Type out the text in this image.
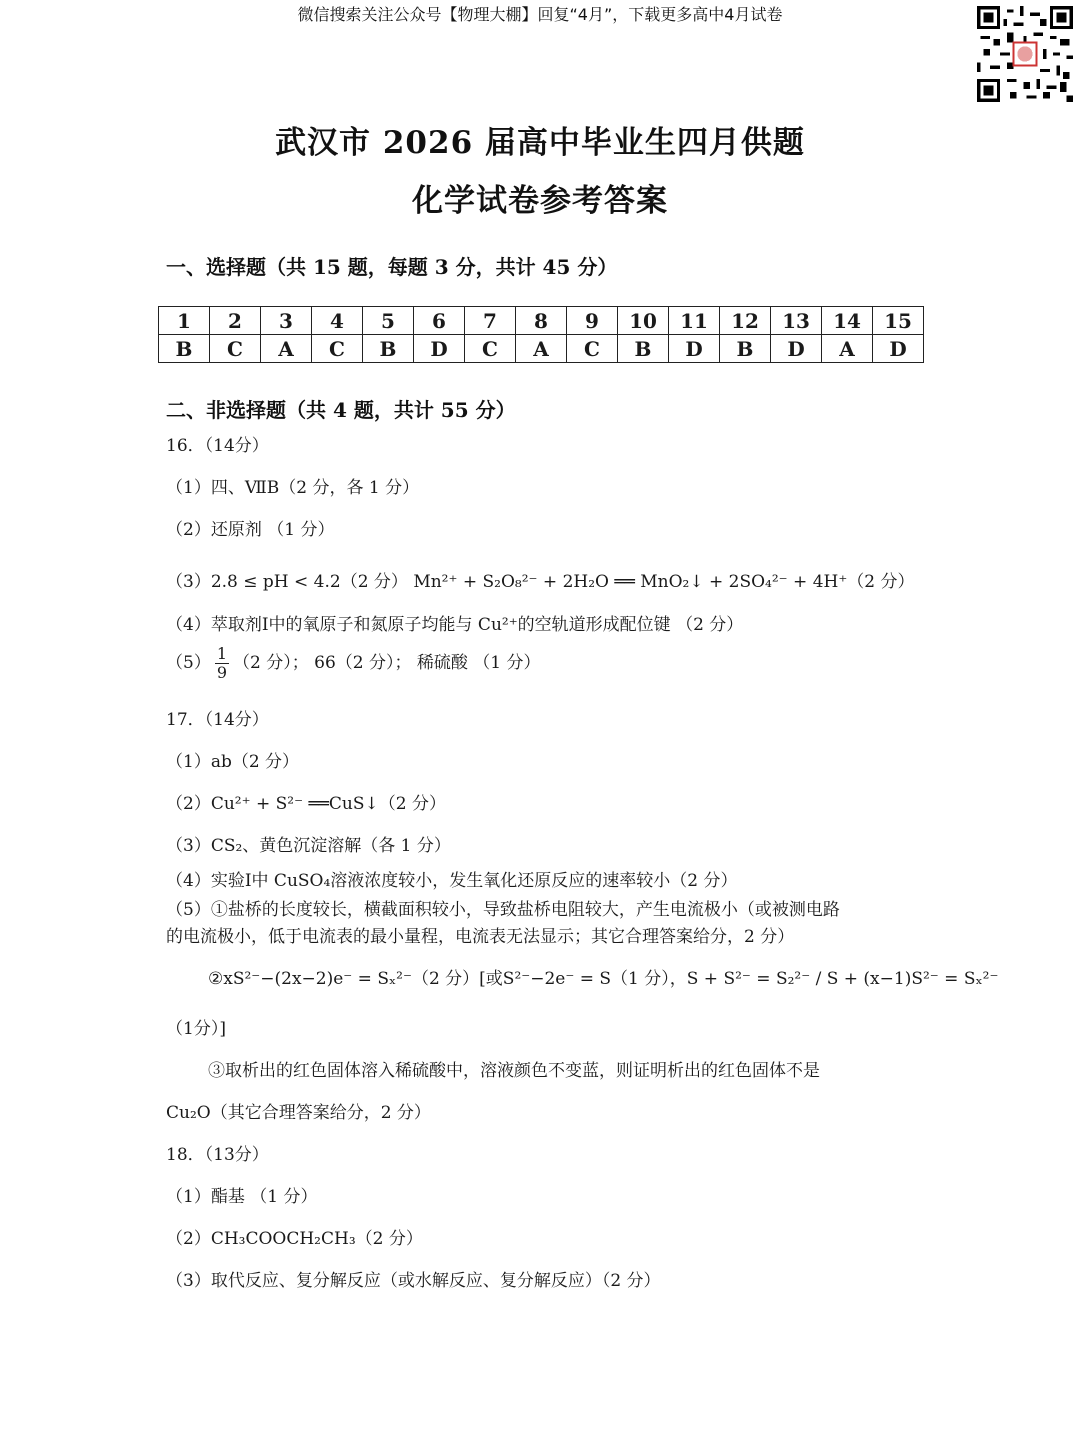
微信搜索关注公众号【物理大棚】回复“4月”，下载更多高中4月试卷
武汉市 2026 届高中毕业生四月供题
化学试卷参考答案
一、选择题（共 15 题，每题 3 分，共计 45 分）
1	2	3	4	5	6	7	8	9	10	11	12	13	14	15
B	C	A	C	B	D	C	A	C	B	D	B	D	A	D
二、非选择题（共 4 题，共计 55 分）
16．（14分）
（1）四、ⅦB（2 分，各 1 分）
（2）还原剂 （1 分）
（3）2.8 ≤ pH < 4.2（2 分） Mn²⁺ + S₂O₈²⁻ + 2H₂O ══ MnO₂↓ + 2SO₄²⁻ + 4H⁺（2 分）
（4）萃取剂Ⅰ中的氧原子和氮原子均能与 Cu²⁺的空轨道形成配位键 （2 分）
$(5) \frac{1}{9} (2$ 分）； 66（2 分）； 稀硫酸 （1 分）
17．（14分）
（1）ab（2 分）
（2）Cu²⁺ + S²⁻ ══CuS↓（2 分）
（3）CS₂、黄色沉淀溶解（各 1 分）
（4）实验Ⅰ中 CuSO₄溶液浓度较小，发生氧化还原反应的速率较小（2 分）
（5）①盐桥的长度较长，横截面积较小，导致盐桥电阻较大，产生电流极小（或被测电路
的电流极小，低于电流表的最小量程，电流表无法显示；其它合理答案给分，2 分）
②xS²⁻−(2x−2)e⁻ = Sₓ²⁻（2 分）[或S²⁻−2e⁻ = S（1 分），S + S²⁻ = S₂²⁻ / S + (x−1)S²⁻ = Sₓ²⁻
（1分）]
③取析出的红色固体溶入稀硫酸中，溶液颜色不变蓝，则证明析出的红色固体不是
Cu₂O（其它合理答案给分，2 分）
18．（13分）
（1）酯基 （1 分）
（2）CH₃COOCH₂CH₃（2 分）
（3）取代反应、复分解反应（或水解反应、复分解反应）（2 分）
